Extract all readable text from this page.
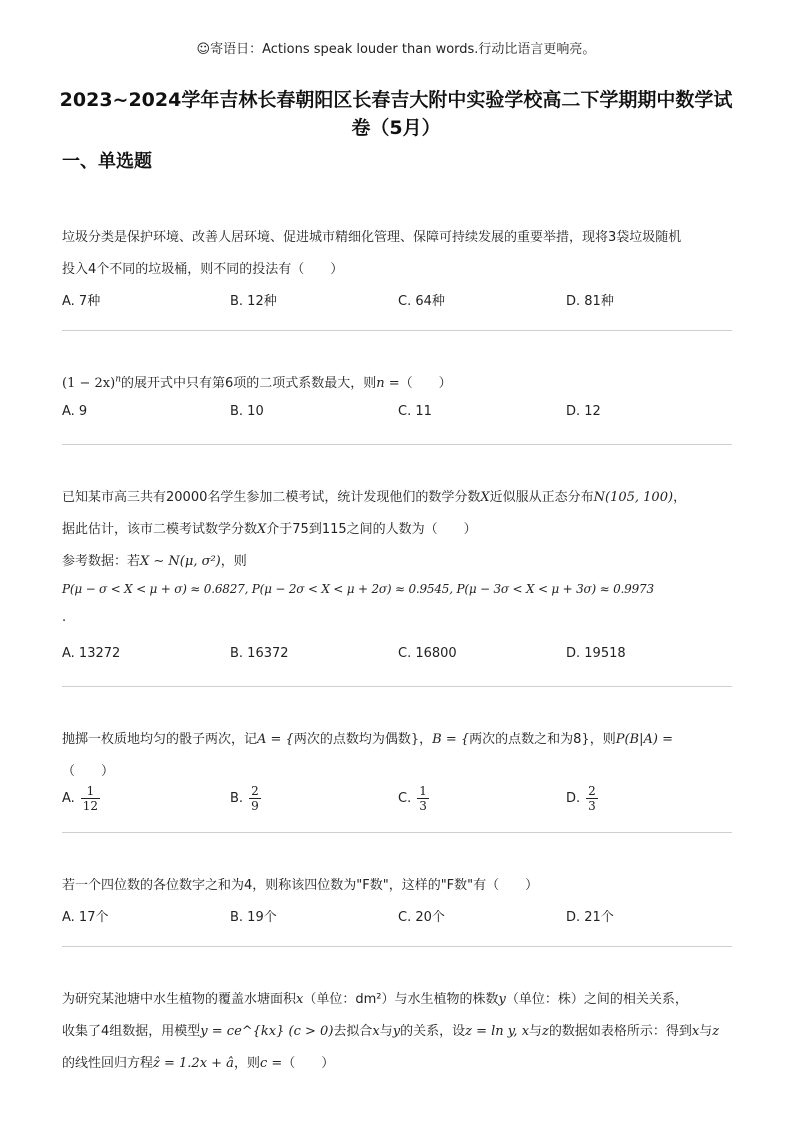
☺寄语日：Actions speak louder than words.行动比语言更响亮。
2023~2024学年吉林长春朝阳区长春吉大附中实验学校高二下学期期中数学试
卷（5月）
一、单选题
垃圾分类是保护环境、改善人居环境、促进城市精细化管理、保障可持续发展的重要举措，现将3袋垃圾随机
投入4个不同的垃圾桶，则不同的投法有（　　）
A. 7种	B. 12种	C. 64种	D. 81种
$(1 - 2x)^n$的展开式中只有第6项的二项式系数最大，则n =（　　）
A. 9	B. 10	C. 11	D. 12
已知某市高三共有20000名学生参加二模考试，统计发现他们的数学分数X近似服从正态分布N(105, 100)，
据此估计，该市二模考试数学分数X介于75到115之间的人数为（　　）
参考数据：若X ∼ N(μ, σ²)，则
P(μ − σ < X < μ + σ) ≈ 0.6827, P(μ − 2σ < X < μ + 2σ) ≈ 0.9545, P(μ − 3σ < X < μ + 3σ) ≈ 0.9973
.
A. 13272	B. 16372	C. 16800	D. 19518
抛掷一枚质地均匀的骰子两次，记A = {两次的点数均为偶数}，B = {两次的点数之和为8}，则P(B|A) =
（　　）
A. $\frac{1}{12}$	B. $\frac{2}{9}$	C. $\frac{1}{3}$	D. $\frac{2}{3}$
若一个四位数的各位数字之和为4，则称该四位数为"F数"，这样的"F数"有（　　）
A. 17个	B. 19个	C. 20个	D. 21个
为研究某池塘中水生植物的覆盖水塘面积x（单位：dm²）与水生植物的株数y（单位：株）之间的相关关系，
收集了4组数据，用模型y = ce^{kx} (c > 0)去拟合x与y的关系，设z = ln y, x与z的数据如表格所示：得到x与z
的线性回归方程ẑ = 1.2x + â，则c =（　　）
